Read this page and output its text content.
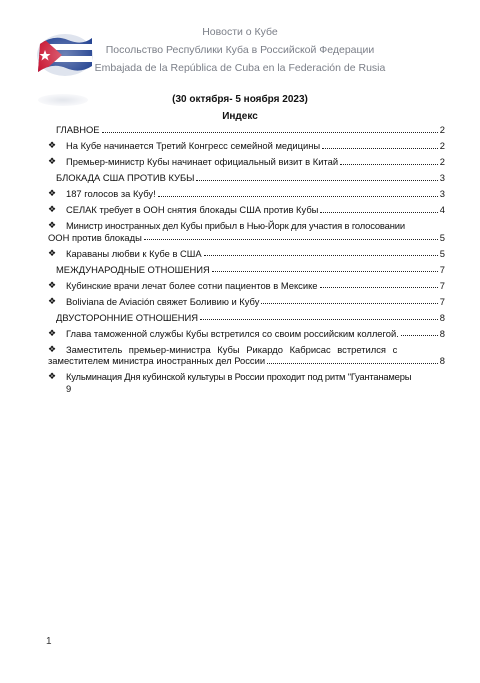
Новости о Кубе
Посольство Республики Куба в Российской Федерации
Embajada de la República de Cuba en la Federación de Rusia
(30 октября- 5 ноября 2023)
Индекс
ГЛАВНОЕ	2
❖ На Кубе начинается Третий Конгресс семейной медицины	2
❖ Премьер-министр Кубы начинает официальный визит в Китай	2
БЛОКАДА США ПРОТИВ КУБЫ	3
❖ 187 голосов за Кубу!	3
❖ СЕЛАК требует в ООН снятия блокады США против Кубы	4
❖ Министр иностранных дел Кубы прибыл в Нью-Йорк для участия в голосовании
ООН против блокады	5
❖ Караваны любви к Кубе в США	5
МЕЖДУНАРОДНЫЕ ОТНОШЕНИЯ	7
❖ Кубинские врачи лечат более сотни пациентов в Мексике	7
❖ Boliviana de Aviación свяжет Боливию и Кубу	7
ДВУСТОРОННИЕ ОТНОШЕНИЯ	8
❖ Глава таможенной службы Кубы встретился со своим российским коллегой.	8
❖ Заместитель премьер-министра Кубы Рикардо Кабрисас встретился с
заместителем министра иностранных дел России	8
❖ Кульминация Дня кубинской культуры в России проходит под ритм "Гуантанамеры
9
1
